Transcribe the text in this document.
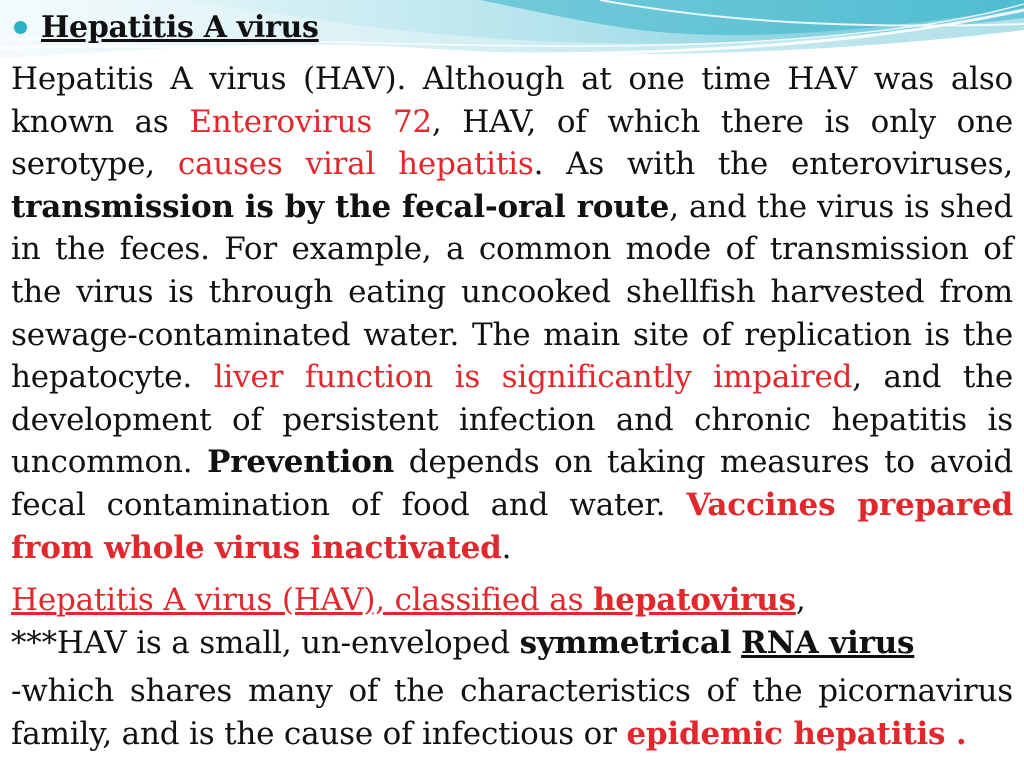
Hepatitis A virus

Hepatitis A virus (HAV). Although at one time HAV was also known as Enterovirus 72, HAV, of which there is only one serotype, causes viral hepatitis. As with the enteroviruses, transmission is by the fecal-oral route, and the virus is shed in the feces. For example, a common mode of transmission of the virus is through eating uncooked shellfish harvested from sewage-contaminated water. The main site of replication is the hepatocyte. liver function is significantly impaired, and the development of persistent infection and chronic hepatitis is uncommon. Prevention depends on taking measures to avoid fecal contamination of food and water. Vaccines prepared from whole virus inactivated.

Hepatitis A virus (HAV), classified as hepatovirus,

***HAV is a small, un-enveloped symmetrical RNA virus

-which shares many of the characteristics of the picornavirus family, and is the cause of infectious or epidemic hepatitis .
